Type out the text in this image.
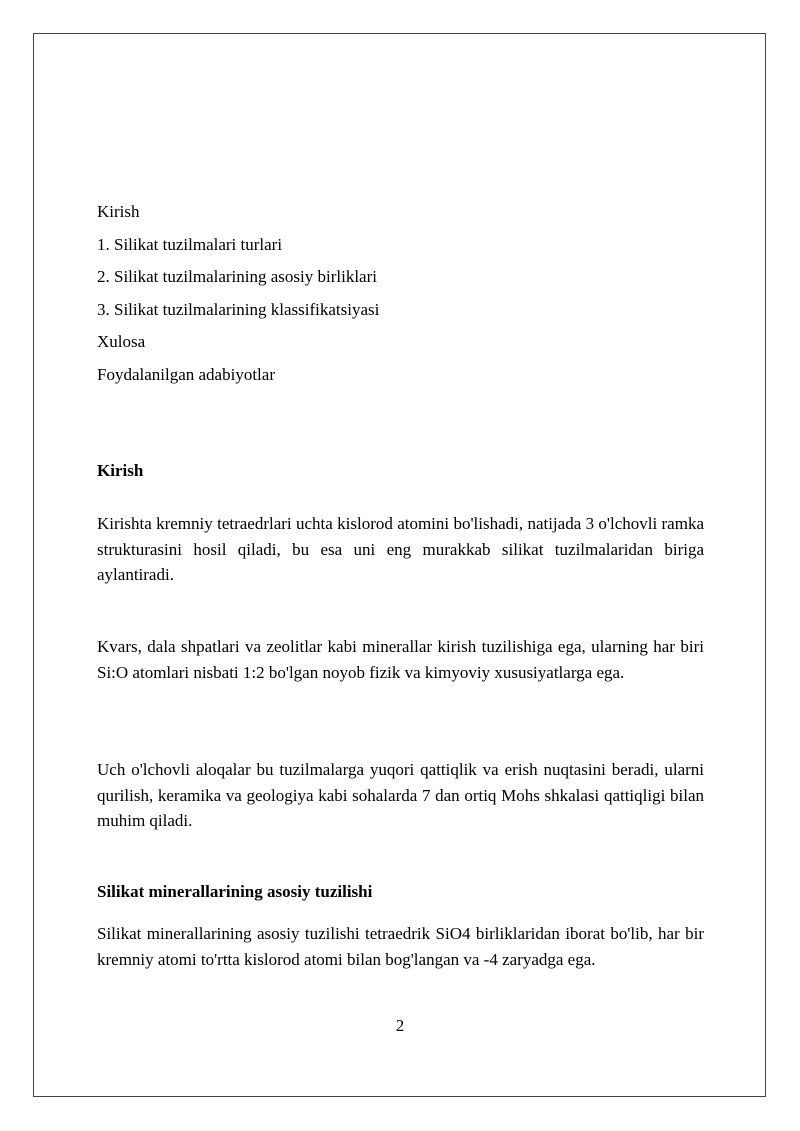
Kirish
1. Silikat tuzilmalari turlari
2. Silikat tuzilmalarining asosiy birliklari
3. Silikat tuzilmalarining klassifikatsiyasi
Xulosa
Foydalanilgan adabiyotlar
Kirish

Kirishta kremniy tetraedrlari uchta kislorod atomini bo'lishadi, natijada 3 o'lchovli ramka strukturasini hosil qiladi, bu esa uni eng murakkab silikat tuzilmalaridan biriga aylantiradi.

Kvars, dala shpatlari va zeolitlar kabi minerallar kirish tuzilishiga ega, ularning har biri Si:O atomlari nisbati 1:2 bo'lgan noyob fizik va kimyoviy xususiyatlarga ega.

Uch o'lchovli aloqalar bu tuzilmalarga yuqori qattiqlik va erish nuqtasini beradi, ularni qurilish, keramika va geologiya kabi sohalarda 7 dan ortiq Mohs shkalasi qattiqligi bilan muhim qiladi.

Silikat minerallarining asosiy tuzilishi

Silikat minerallarining asosiy tuzilishi tetraedrik SiO4 birliklaridan iborat bo'lib, har bir kremniy atomi to'rtta kislorod atomi bilan bog'langan va -4 zaryadga ega.

2
